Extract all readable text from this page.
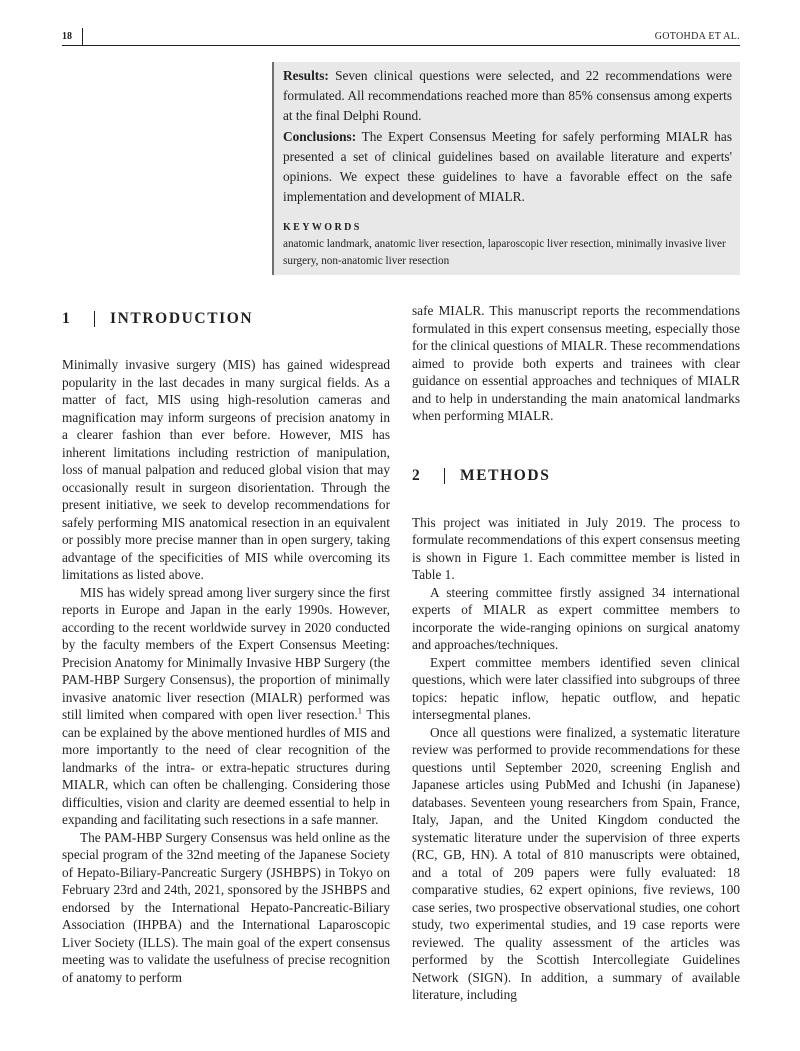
18	GOTOHDA ET AL.

Results: Seven clinical questions were selected, and 22 recommendations were formulated. All recommendations reached more than 85% consensus among experts at the final Delphi Round.

Conclusions: The Expert Consensus Meeting for safely performing MIALR has presented a set of clinical guidelines based on available literature and experts' opinions. We expect these guidelines to have a favorable effect on the safe implementation and development of MIALR.

KEYWORDS
anatomic landmark, anatomic liver resection, laparoscopic liver resection, minimally invasive liver surgery, non-anatomic liver resection
1	INTRODUCTION

Minimally invasive surgery (MIS) has gained widespread popularity in the last decades in many surgical fields. As a matter of fact, MIS using high-resolution cameras and magnification may inform surgeons of precision anatomy in a clearer fashion than ever before. However, MIS has inherent limitations including restriction of manipulation, loss of manual palpation and reduced global vision that may occasionally result in surgeon disorientation. Through the present initiative, we seek to develop recommendations for safely performing MIS anatomical resection in an equivalent or possibly more precise manner than in open surgery, taking advantage of the specificities of MIS while overcoming its limitations as listed above.

MIS has widely spread among liver surgery since the first reports in Europe and Japan in the early 1990s. However, according to the recent worldwide survey in 2020 conducted by the faculty members of the Expert Consensus Meeting: Precision Anatomy for Minimally Invasive HBP Surgery (the PAM-HBP Surgery Consensus), the proportion of minimally invasive anatomic liver resection (MIALR) performed was still limited when compared with open liver resection.$^1$ This can be explained by the above mentioned hurdles of MIS and more importantly to the need of clear recognition of the landmarks of the intra- or extra-hepatic structures during MIALR, which can often be challenging. Considering those difficulties, vision and clarity are deemed essential to help in expanding and facilitating such resections in a safe manner.

The PAM-HBP Surgery Consensus was held online as the special program of the 32nd meeting of the Japanese Society of Hepato-Biliary-Pancreatic Surgery (JSHBPS) in Tokyo on February 23rd and 24th, 2021, sponsored by the JSHBPS and endorsed by the International Hepato-Pancreatic-Biliary Association (IHPBA) and the International Laparoscopic Liver Society (ILLS). The main goal of the expert consensus meeting was to validate the usefulness of precise recognition of anatomy to perform

safe MIALR. This manuscript reports the recommendations formulated in this expert consensus meeting, especially those for the clinical questions of MIALR. These recommendations aimed to provide both experts and trainees with clear guidance on essential approaches and techniques of MIALR and to help in understanding the main anatomical landmarks when performing MIALR.

2	METHODS

This project was initiated in July 2019. The process to formulate recommendations of this expert consensus meeting is shown in Figure 1. Each committee member is listed in Table 1.

A steering committee firstly assigned 34 international experts of MIALR as expert committee members to incorporate the wide-ranging opinions on surgical anatomy and approaches/techniques.

Expert committee members identified seven clinical questions, which were later classified into subgroups of three topics: hepatic inflow, hepatic outflow, and hepatic intersegmental planes.

Once all questions were finalized, a systematic literature review was performed to provide recommendations for these questions until September 2020, screening English and Japanese articles using PubMed and Ichushi (in Japanese) databases. Seventeen young researchers from Spain, France, Italy, Japan, and the United Kingdom conducted the systematic literature under the supervision of three experts (RC, GB, HN). A total of 810 manuscripts were obtained, and a total of 209 papers were fully evaluated: 18 comparative studies, 62 expert opinions, five reviews, 100 case series, two prospective observational studies, one cohort study, two experimental studies, and 19 case reports were reviewed. The quality assessment of the articles was performed by the Scottish Intercollegiate Guidelines Network (SIGN). In addition, a summary of available literature, including
